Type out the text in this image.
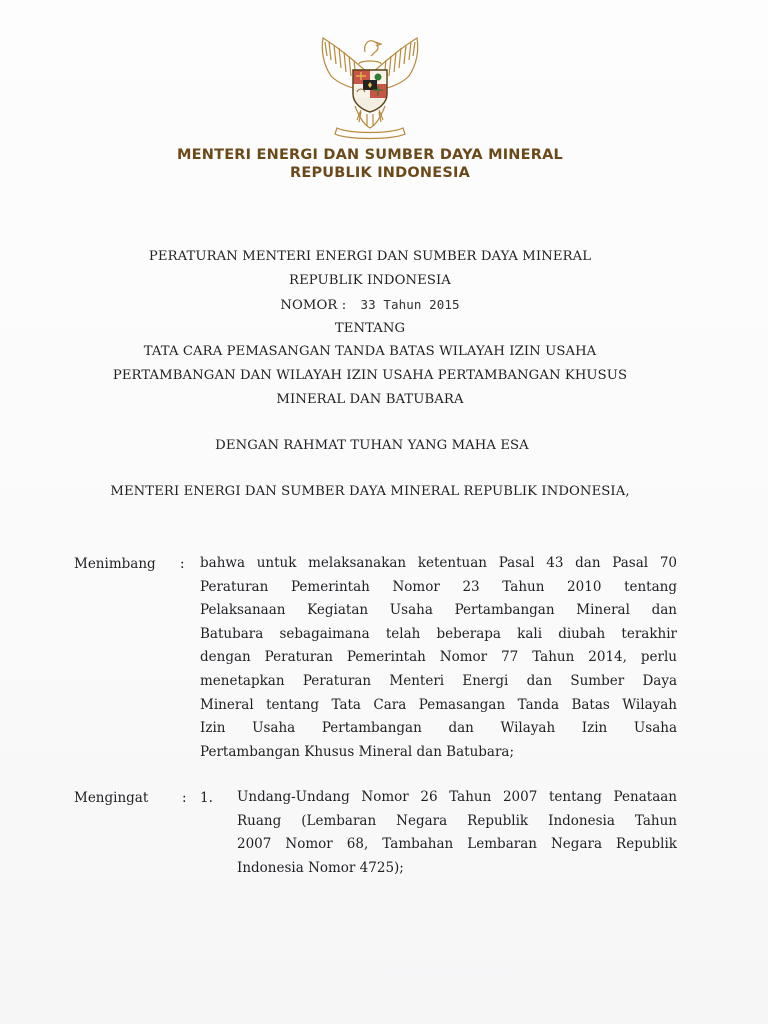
MENTERI ENERGI DAN SUMBER DAYA MINERAL
REPUBLIK INDONESIA
PERATURAN MENTERI ENERGI DAN SUMBER DAYA MINERAL
REPUBLIK INDONESIA
NOMOR : 33 Tahun 2015
TENTANG
TATA CARA PEMASANGAN TANDA BATAS WILAYAH IZIN USAHA
PERTAMBANGAN DAN WILAYAH IZIN USAHA PERTAMBANGAN KHUSUS
MINERAL DAN BATUBARA
DENGAN RAHMAT TUHAN YANG MAHA ESA
MENTERI ENERGI DAN SUMBER DAYA MINERAL REPUBLIK INDONESIA,
Menimbang : bahwa untuk melaksanakan ketentuan Pasal 43 dan Pasal 70
Peraturan Pemerintah Nomor 23 Tahun 2010 tentang
Pelaksanaan Kegiatan Usaha Pertambangan Mineral dan
Batubara sebagaimana telah beberapa kali diubah terakhir
dengan Peraturan Pemerintah Nomor 77 Tahun 2014, perlu
menetapkan Peraturan Menteri Energi dan Sumber Daya
Mineral tentang Tata Cara Pemasangan Tanda Batas Wilayah
Izin Usaha Pertambangan dan Wilayah Izin Usaha
Pertambangan Khusus Mineral dan Batubara;
Mengingat : 1. Undang-Undang Nomor 26 Tahun 2007 tentang Penataan
Ruang (Lembaran Negara Republik Indonesia Tahun
2007 Nomor 68, Tambahan Lembaran Negara Republik
Indonesia Nomor 4725);
